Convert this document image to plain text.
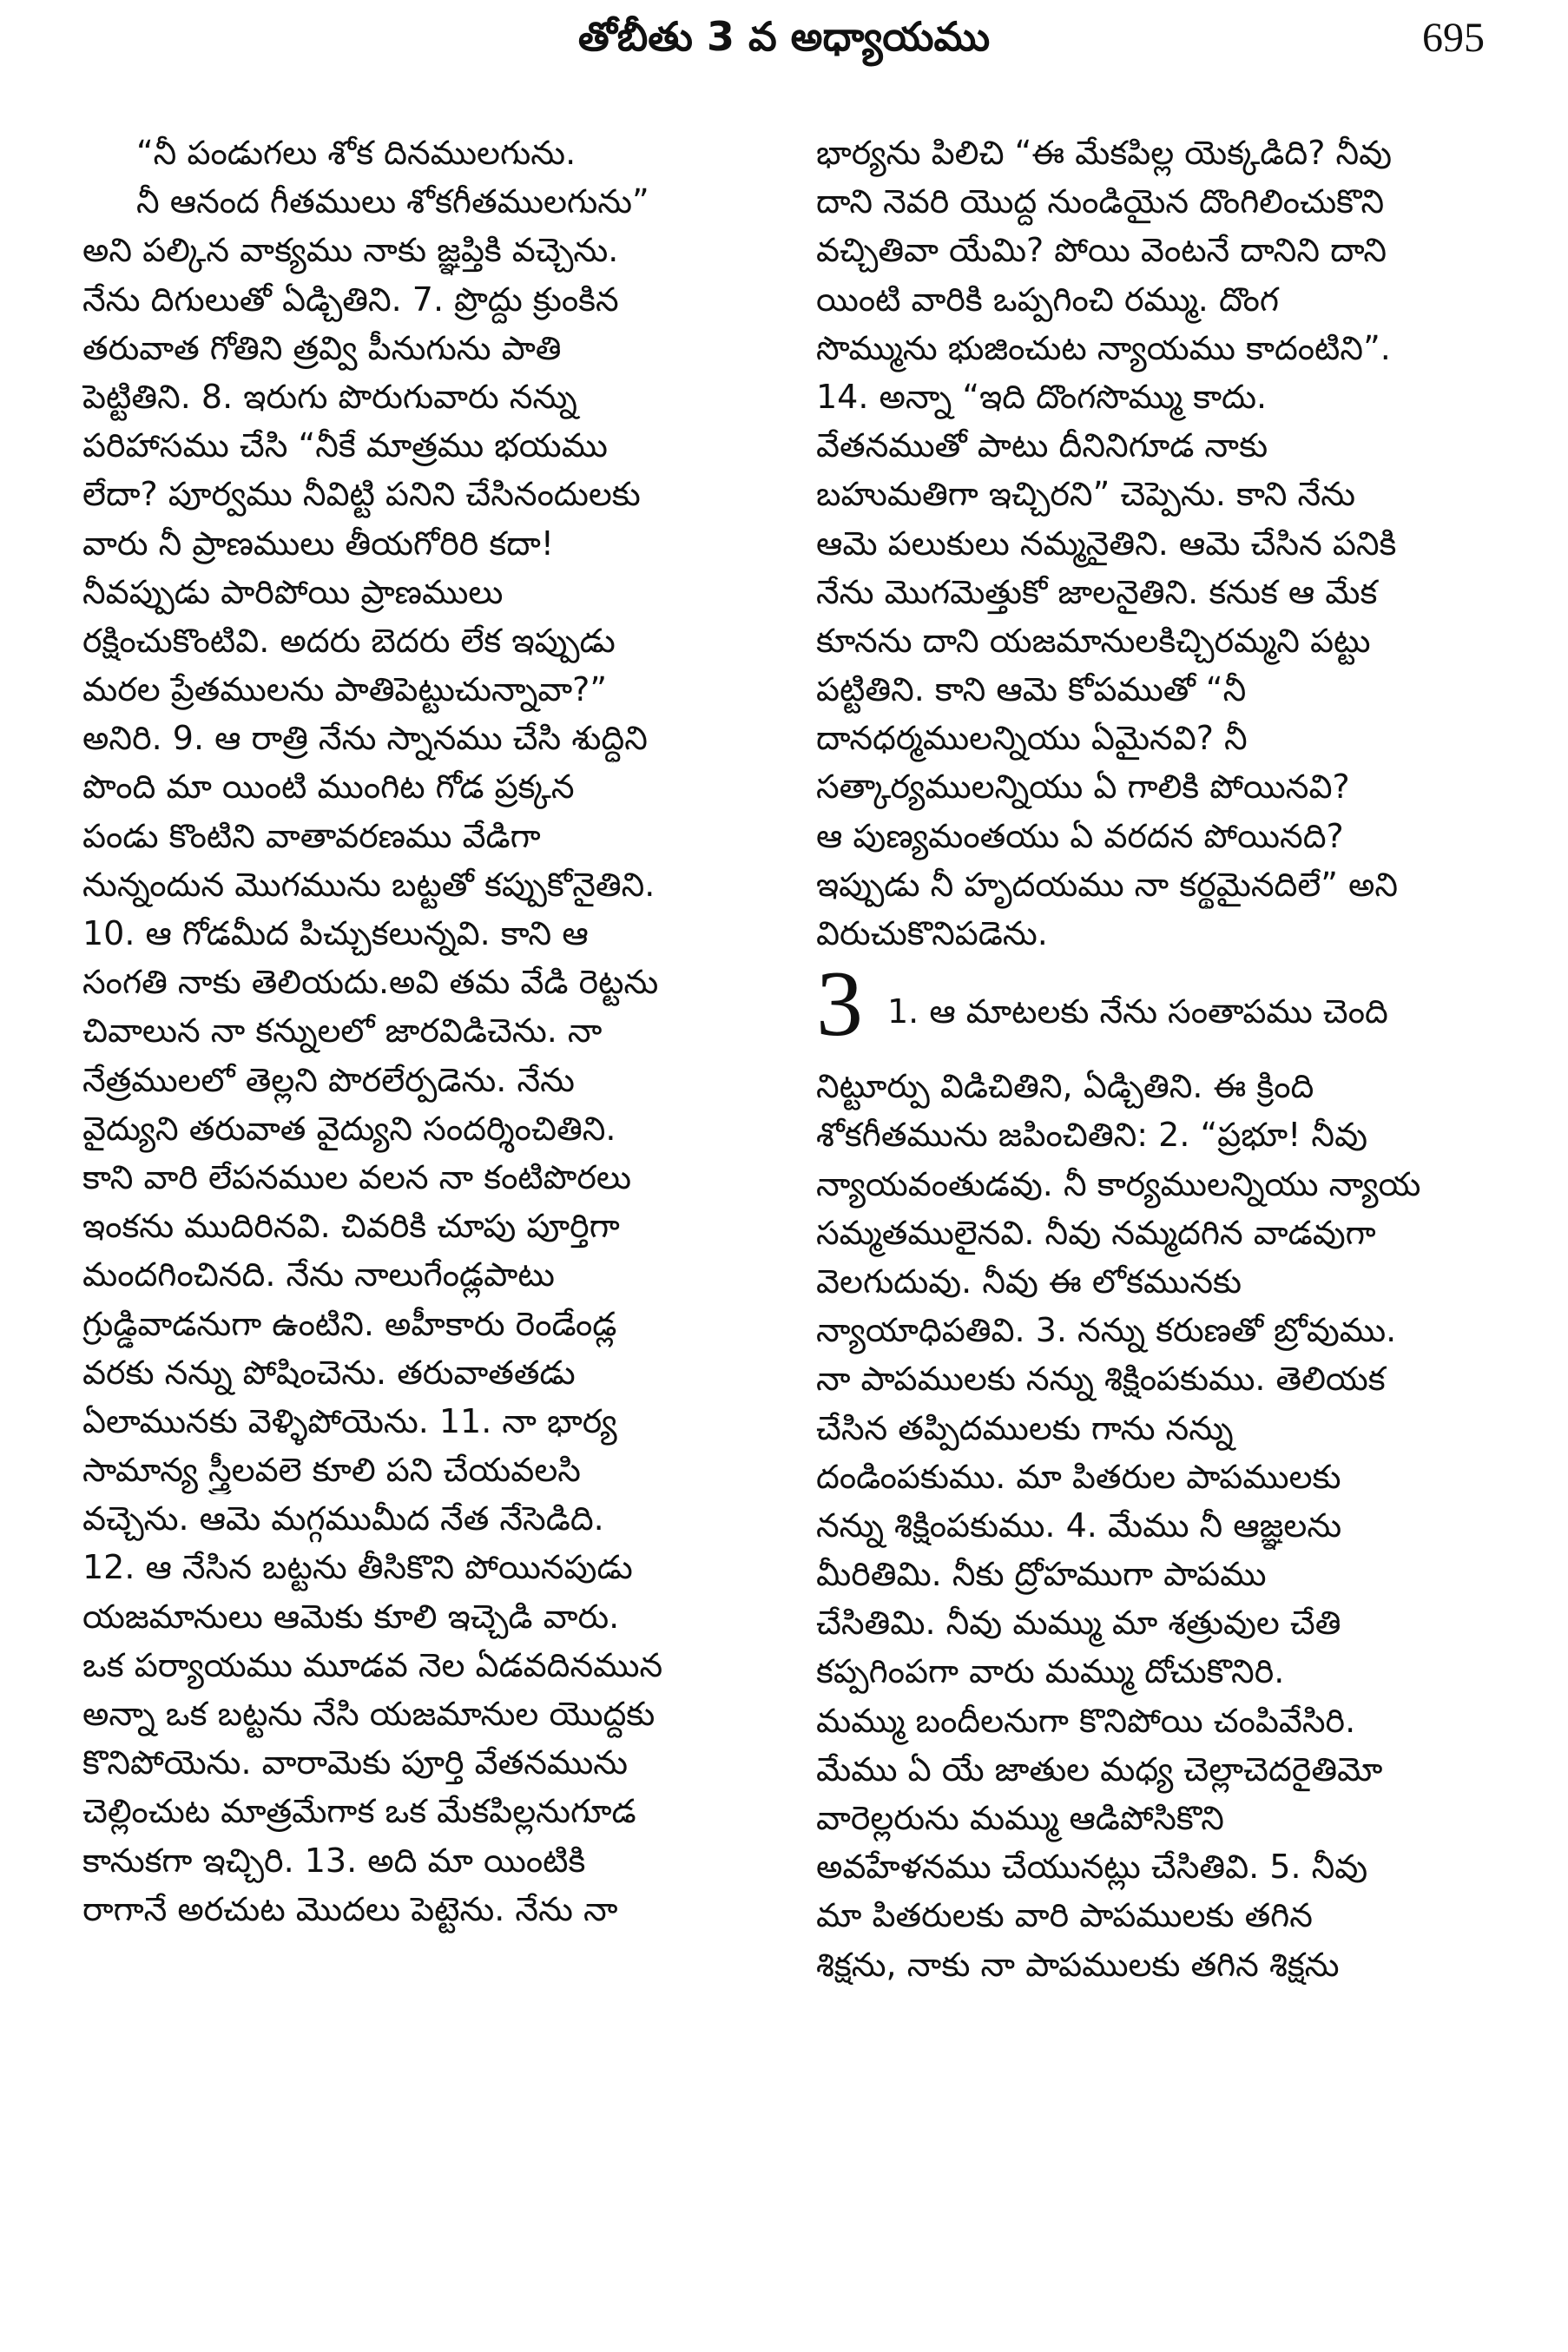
తోబీతు 3 వ అధ్యాయము	695
“నీ పండుగలు శోక దినములగును.
నీ ఆనంద గీతములు శోకగీతములగును”
అని పల్కిన వాక్యము నాకు జ్ఞప్తికి వచ్చెను.
నేను దిగులుతో ఏడ్చితిని. 7. ప్రొద్దు క్రుంకిన
తరువాత గోతిని త్రవ్వి పీనుగును పాతి
పెట్టితిని. 8. ఇరుగు పొరుగువారు నన్ను
పరిహాసము చేసి “నీకే మాత్రము భయము
లేదా? పూర్వము నీవిట్టి పనిని చేసినందులకు
వారు నీ ప్రాణములు తీయగోరిరి కదా!
నీవప్పుడు పారిపోయి ప్రాణములు
రక్షించుకొంటివి. అదరు బెదరు లేక ఇప్పుడు
మరల ప్రేతములను పాతిపెట్టుచున్నావా?”
అనిరి. 9. ఆ రాత్రి నేను స్నానము చేసి శుద్ధిని
పొంది మా యింటి ముంగిట గోడ ప్రక్కన
పండు కొంటిని వాతావరణము వేడిగా
నున్నందున మొగమును బట్టతో కప్పుకోనైతిని.
10. ఆ గోడమీద పిచ్చుకలున్నవి. కాని ఆ
సంగతి నాకు తెలియదు.అవి తమ వేడి రెట్టను
చివాలున నా కన్నులలో జారవిడిచెను. నా
నేత్రములలో తెల్లని పొరలేర్పడెను. నేను
వైద్యుని తరువాత వైద్యుని సందర్శించితిని.
కాని వారి లేపనముల వలన నా కంటిపొరలు
ఇంకను ముదిరినవి. చివరికి చూపు పూర్తిగా
మందగించినది. నేను నాలుగేండ్లపాటు
గ్రుడ్డివాడనుగా ఉంటిని. అహీకారు రెండేండ్ల
వరకు నన్ను పోషించెను. తరువాతతడు
ఏలామునకు వెళ్ళిపోయెను. 11. నా భార్య
సామాన్య స్త్రీలవలె కూలి పని చేయవలసి
వచ్చెను. ఆమె మగ్గముమీద నేత నేసెడిది.
12. ఆ నేసిన బట్టను తీసికొని పోయినపుడు
యజమానులు ఆమెకు కూలి ఇచ్చెడి వారు.
ఒక పర్యాయము మూడవ నెల ఏడవదినమున
అన్నా ఒక బట్టను నేసి యజమానుల యొద్దకు
కొనిపోయెను. వారామెకు పూర్తి వేతనమును
చెల్లించుట మాత్రమేగాక ఒక మేకపిల్లనుగూడ
కానుకగా ఇచ్చిరి. 13. అది మా యింటికి
రాగానే అరచుట మొదలు పెట్టెను. నేను నా
భార్యను పిలిచి “ఈ మేకపిల్ల యెక్కడిది? నీవు
దాని నెవరి యొద్ద నుండియైన దొంగిలించుకొని
వచ్చితివా యేమి? పోయి వెంటనే దానిని దాని
యింటి వారికి ఒప్పగించి రమ్ము. దొంగ
సొమ్మును భుజించుట న్యాయము కాదంటిని”.
14. అన్నా “ఇది దొంగసొమ్ము కాదు.
వేతనముతో పాటు దీనినిగూడ నాకు
బహుమతిగా ఇచ్చిరని” చెప్పెను. కాని నేను
ఆమె పలుకులు నమ్మనైతిని. ఆమె చేసిన పనికి
నేను మొగమెత్తుకో జాలనైతిని. కనుక ఆ మేక
కూనను దాని యజమానులకిచ్చిరమ్మని పట్టు
పట్టితిని. కాని ఆమె కోపముతో “నీ
దానధర్మములన్నియు ఏమైనవి? నీ
సత్కార్యములన్నియు ఏ గాలికి పోయినవి?
ఆ పుణ్యమంతయు ఏ వరదన పోయినది?
ఇప్పుడు నీ హృదయము నా కర్థమైనదిలే” అని
విరుచుకొనిపడెను.
3 1. ఆ మాటలకు నేను సంతాపము చెంది
నిట్టూర్పు విడిచితిని, ఏడ్చితిని. ఈ క్రింది
శోకగీతమును జపించితిని: 2. “ప్రభూ! నీవు
న్యాయవంతుడవు. నీ కార్యములన్నియు న్యాయ
సమ్మతములైనవి. నీవు నమ్మదగిన వాడవుగా
వెలగుదువు. నీవు ఈ లోకమునకు
న్యాయాధిపతివి. 3. నన్ను కరుణతో బ్రోవుము.
నా పాపములకు నన్ను శిక్షింపకుము. తెలియక
చేసిన తప్పిదములకు గాను నన్ను
దండింపకుము. మా పితరుల పాపములకు
నన్ను శిక్షింపకుము. 4. మేము నీ ఆజ్ఞలను
మీరితిమి. నీకు ద్రోహముగా పాపము
చేసితిమి. నీవు మమ్ము మా శత్రువుల చేతి
కప్పగింపగా వారు మమ్ము దోచుకొనిరి.
మమ్ము బందీలనుగా కొనిపోయి చంపివేసిరి.
మేము ఏ యే జాతుల మధ్య చెల్లాచెదరైతిమో
వారెల్లరును మమ్ము ఆడిపోసికొని
అవహేళనము చేయునట్లు చేసితివి. 5. నీవు
మా పితరులకు వారి పాపములకు తగిన
శిక్షను, నాకు నా పాపములకు తగిన శిక్షను
